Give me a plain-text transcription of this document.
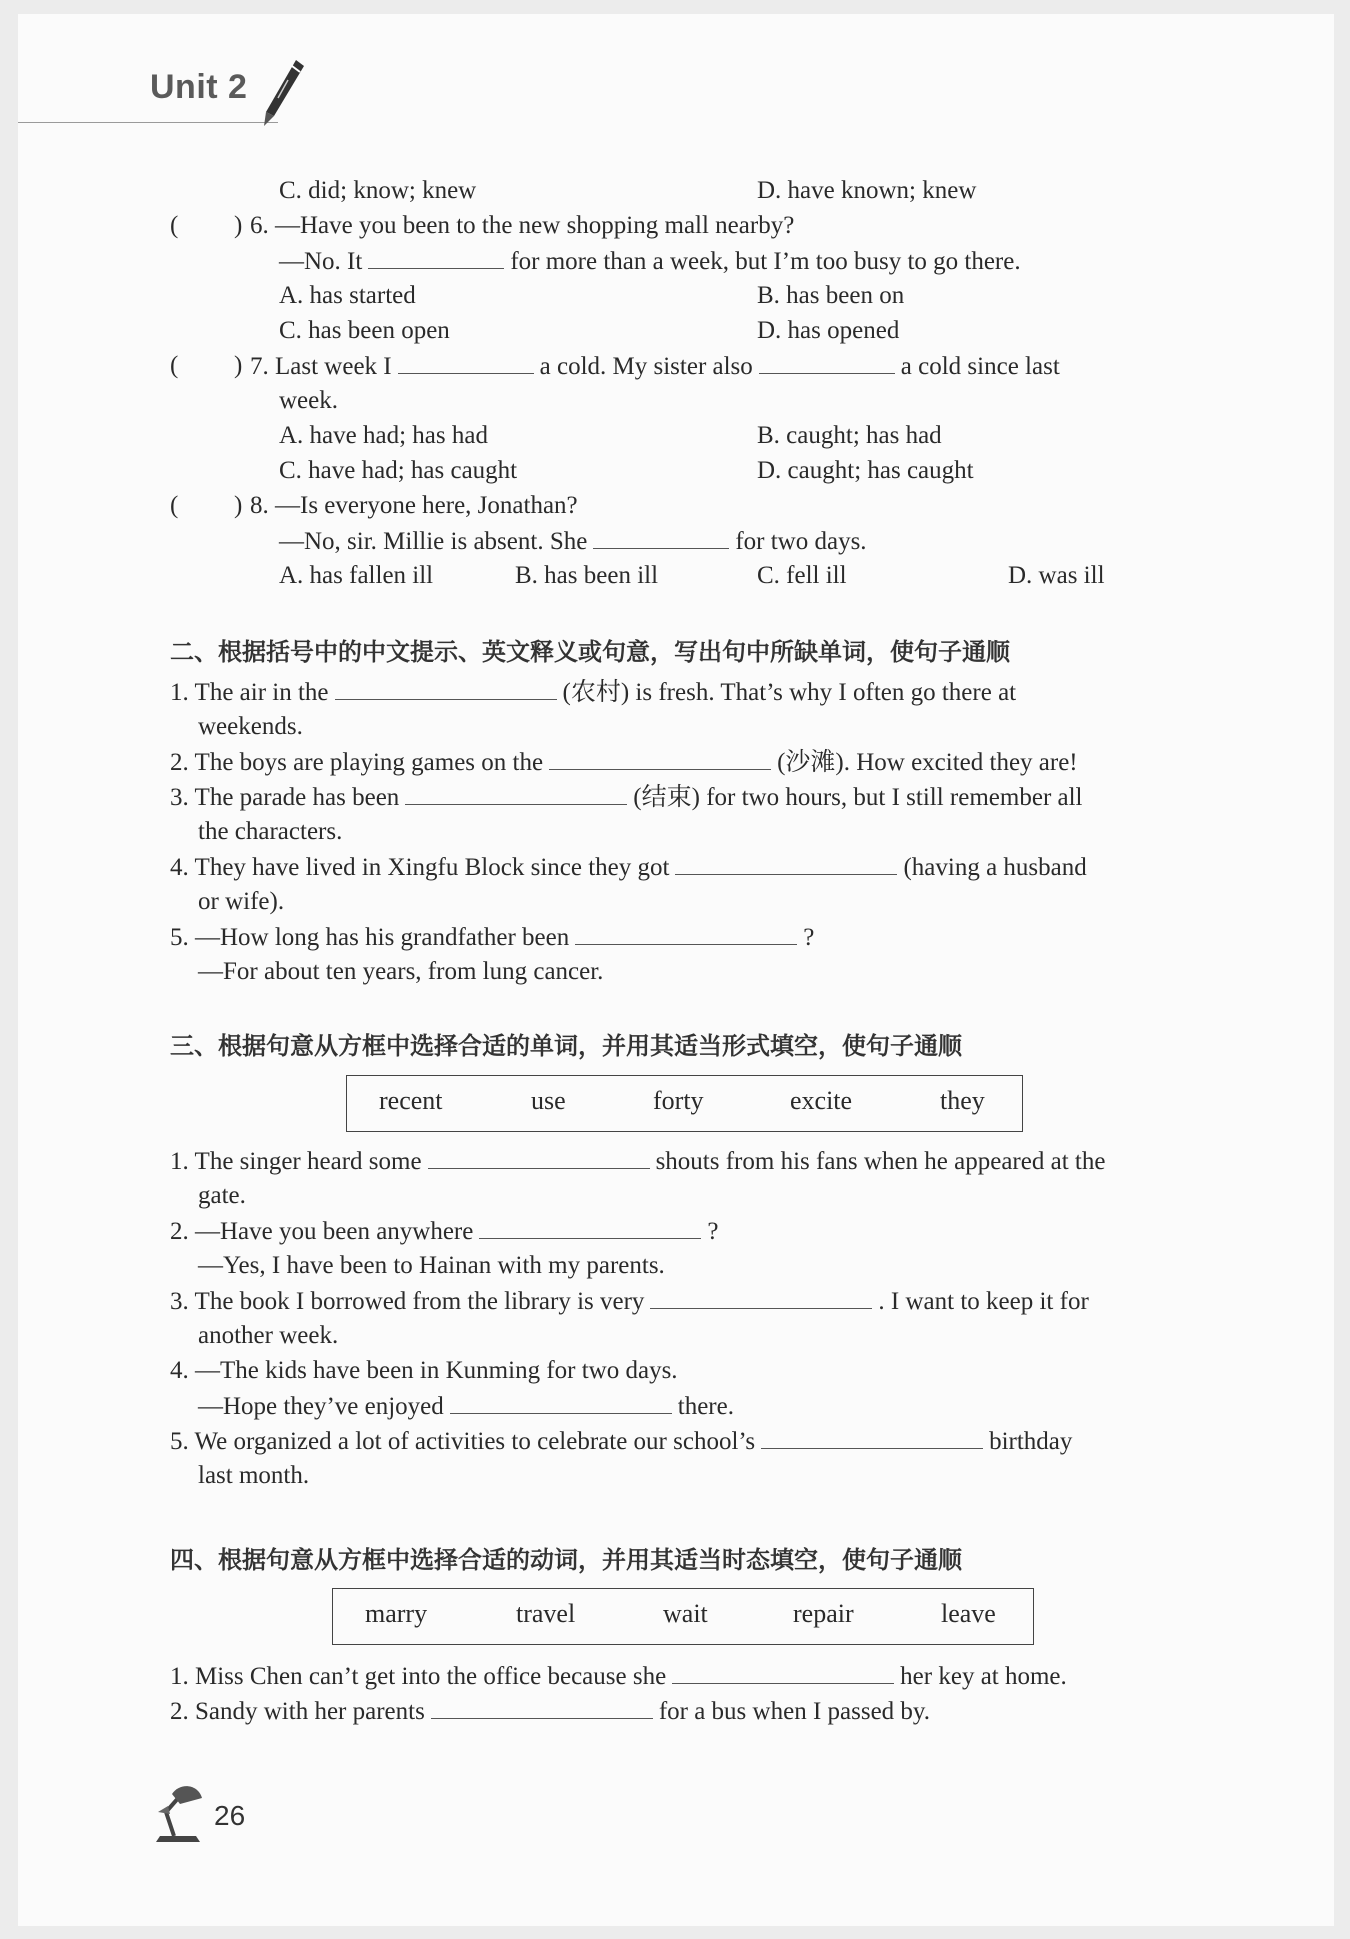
Unit 2
C. did; know; knew	D. have known; knew
( ) 6. —Have you been to the new shopping mall nearby?
—No. It	for more than a week, but I’m too busy to go there.
A. has started	B. has been on
C. has been open	D. has opened
( ) 7. Last week I	a cold. My sister also	a cold since last
week.
A. have had; has had	B. caught; has had
C. have had; has caught	D. caught; has caught
( ) 8. —Is everyone here, Jonathan?
—No, sir. Millie is absent. She	for two days.
A. has fallen ill	B. has been ill	C. fell ill	D. was ill
二、根据括号中的中文提示、英文释义或句意，写出句中所缺单词，使句子通顺
1. The air in the	(农村) is fresh. That’s why I often go there at
weekends.
2. The boys are playing games on the	(沙滩). How excited they are!
3. The parade has been	(结束) for two hours, but I still remember all
the characters.
4. They have lived in Xingfu Block since they got	(having a husband
or wife).
5. —How long has his grandfather been	?
—For about ten years, from lung cancer.
三、根据句意从方框中选择合适的单词，并用其适当形式填空，使句子通顺
recent	use	forty	excite	they
1. The singer heard some	shouts from his fans when he appeared at the
gate.
2. —Have you been anywhere	?
—Yes, I have been to Hainan with my parents.
3. The book I borrowed from the library is very	. I want to keep it for
another week.
4. —The kids have been in Kunming for two days.
—Hope they’ve enjoyed	there.
5. We organized a lot of activities to celebrate our school’s	birthday
last month.
四、根据句意从方框中选择合适的动词，并用其适当时态填空，使句子通顺
marry	travel	wait	repair	leave
1. Miss Chen can’t get into the office because she	her key at home.
2. Sandy with her parents	for a bus when I passed by.
26
